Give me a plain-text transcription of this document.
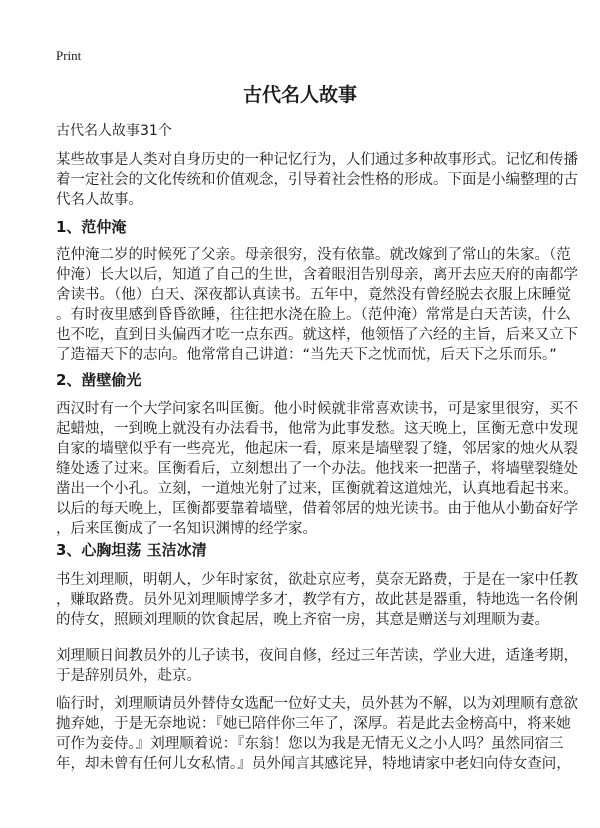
Print
古代名人故事
古代名人故事31个
某些故事是人类对自身历史的一种记忆行为，人们通过多种故事形式。记忆和传播
着一定社会的文化传统和价值观念，引导着社会性格的形成。下面是小编整理的古
代名人故事。
1、范仲淹
范仲淹二岁的时候死了父亲。母亲很穷，没有依靠。就改嫁到了常山的朱家。（范
仲淹）长大以后，知道了自己的生世，含着眼泪告别母亲，离开去应天府的南都学
舍读书。（他）白天、深夜都认真读书。五年中，竟然没有曾经脱去衣服上床睡觉
。有时夜里感到昏昏欲睡，往往把水浇在脸上。（范仲淹）常常是白天苦读，什么
也不吃，直到日头偏西才吃一点东西。就这样，他领悟了六经的主旨，后来又立下
了造福天下的志向。他常常自己讲道：“当先天下之忧而忧，后天下之乐而乐。”
2、凿壁偷光
西汉时有一个大学问家名叫匡衡。他小时候就非常喜欢读书，可是家里很穷，买不
起蜡烛，一到晚上就没有办法看书，他常为此事发愁。这天晚上，匡衡无意中发现
自家的墙壁似乎有一些亮光，他起床一看，原来是墙壁裂了缝，邻居家的烛火从裂
缝处透了过来。匡衡看后，立刻想出了一个办法。他找来一把凿子，将墙壁裂缝处
凿出一个小孔。立刻，一道烛光射了过来，匡衡就着这道烛光，认真地看起书来。
以后的每天晚上，匡衡都要靠着墙壁，借着邻居的烛光读书。由于他从小勤奋好学
，后来匡衡成了一名知识渊博的经学家。
3、心胸坦荡 玉洁冰清
书生刘理顺，明朝人，少年时家贫，欲赴京应考，莫奈无路费，于是在一家中任教
，赚取路费。员外见刘理顺博学多才，教学有方，故此甚是器重，特地选一名伶俐
的侍女，照顾刘理顺的饮食起居，晚上齐宿一房，其意是赠送与刘理顺为妻。
刘理顺日间教员外的儿子读书，夜间自修，经过三年苦读，学业大进，适逢考期，
于是辞别员外，赴京。
临行时，刘理顺请员外替侍女选配一位好丈夫，员外甚为不解，以为刘理顺有意欲
抛弃她，于是无奈地说：『她已陪伴你三年了，深厚。若是此去金榜高中，将来她
可作为妾侍。』刘理顺着说：『东翁！您以为我是无情无义之小人吗？虽然同宿三
年，却未曾有任何儿女私情。』员外闻言其感诧异，特地请家中老妇向侍女查问，
